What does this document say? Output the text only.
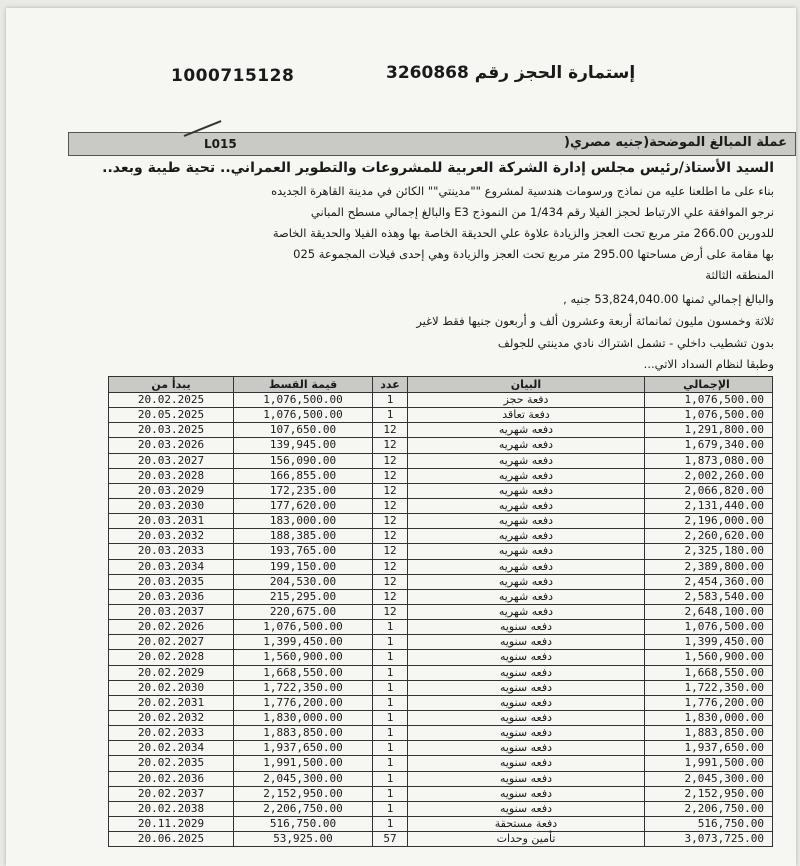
1000715128	إستمارة الحجز رقم 3260868
عملة المبالغ الموضحة(جنيه مصري(
L015
السيد الأستاذ/رئيس مجلس إدارة الشركة العربية للمشروعات والتطوير العمراني.. تحية طيبة وبعد..
بناء على ما اطلعنا عليه من نماذج ورسومات هندسية لمشروع ""مدينتي"" الكائن في مدينة القاهرة الجديده
نرجو الموافقة علي الارتباط لحجز الفيلا رقم 1/434 من النموذج E3 والبالغ إجمالي مسطح المباني
للدورين 266.00 متر مربع تحت العجز والزيادة علاوة علي الحديقة الخاصة بها وهذه الفيلا والحديقة الخاصة
بها مقامة على أرض مساحتها 295.00 متر مربع تحت العجز والزيادة وهي إحدى فيلات المجموعة 025
المنطقه الثالثة
والبالغ إجمالي ثمنها 53,824,040.00 جنيه ,
ثلاثة وخمسون مليون ثمانمائة أربعة وعشرون ألف و أربعون جنيها فقط لاغير
بدون تشطيب داخلي - تشمل اشتراك نادي مدينتي للجولف
وطبقا لنظام السداد الاتي...
يبدأ من	قيمة القسط	عدد	البيان	الإجمالي
20.02.2025	1,076,500.00	1	دفعة حجز	1,076,500.00
20.05.2025	1,076,500.00	1	دفعة تعاقد	1,076,500.00
20.03.2025	107,650.00	12	دفعه شهريه	1,291,800.00
20.03.2026	139,945.00	12	دفعه شهريه	1,679,340.00
20.03.2027	156,090.00	12	دفعه شهريه	1,873,080.00
20.03.2028	166,855.00	12	دفعه شهريه	2,002,260.00
20.03.2029	172,235.00	12	دفعه شهريه	2,066,820.00
20.03.2030	177,620.00	12	دفعه شهريه	2,131,440.00
20.03.2031	183,000.00	12	دفعه شهريه	2,196,000.00
20.03.2032	188,385.00	12	دفعه شهريه	2,260,620.00
20.03.2033	193,765.00	12	دفعه شهريه	2,325,180.00
20.03.2034	199,150.00	12	دفعه شهريه	2,389,800.00
20.03.2035	204,530.00	12	دفعه شهريه	2,454,360.00
20.03.2036	215,295.00	12	دفعه شهريه	2,583,540.00
20.03.2037	220,675.00	12	دفعه شهريه	2,648,100.00
20.02.2026	1,076,500.00	1	دفعه سنويه	1,076,500.00
20.02.2027	1,399,450.00	1	دفعه سنويه	1,399,450.00
20.02.2028	1,560,900.00	1	دفعه سنويه	1,560,900.00
20.02.2029	1,668,550.00	1	دفعه سنويه	1,668,550.00
20.02.2030	1,722,350.00	1	دفعه سنويه	1,722,350.00
20.02.2031	1,776,200.00	1	دفعه سنويه	1,776,200.00
20.02.2032	1,830,000.00	1	دفعه سنويه	1,830,000.00
20.02.2033	1,883,850.00	1	دفعه سنويه	1,883,850.00
20.02.2034	1,937,650.00	1	دفعه سنويه	1,937,650.00
20.02.2035	1,991,500.00	1	دفعه سنويه	1,991,500.00
20.02.2036	2,045,300.00	1	دفعه سنويه	2,045,300.00
20.02.2037	2,152,950.00	1	دفعه سنويه	2,152,950.00
20.02.2038	2,206,750.00	1	دفعه سنويه	2,206,750.00
20.11.2029	516,750.00	1	دفعة مستحقة	516,750.00
20.06.2025	53,925.00	57	تأمين وحدات	3,073,725.00
